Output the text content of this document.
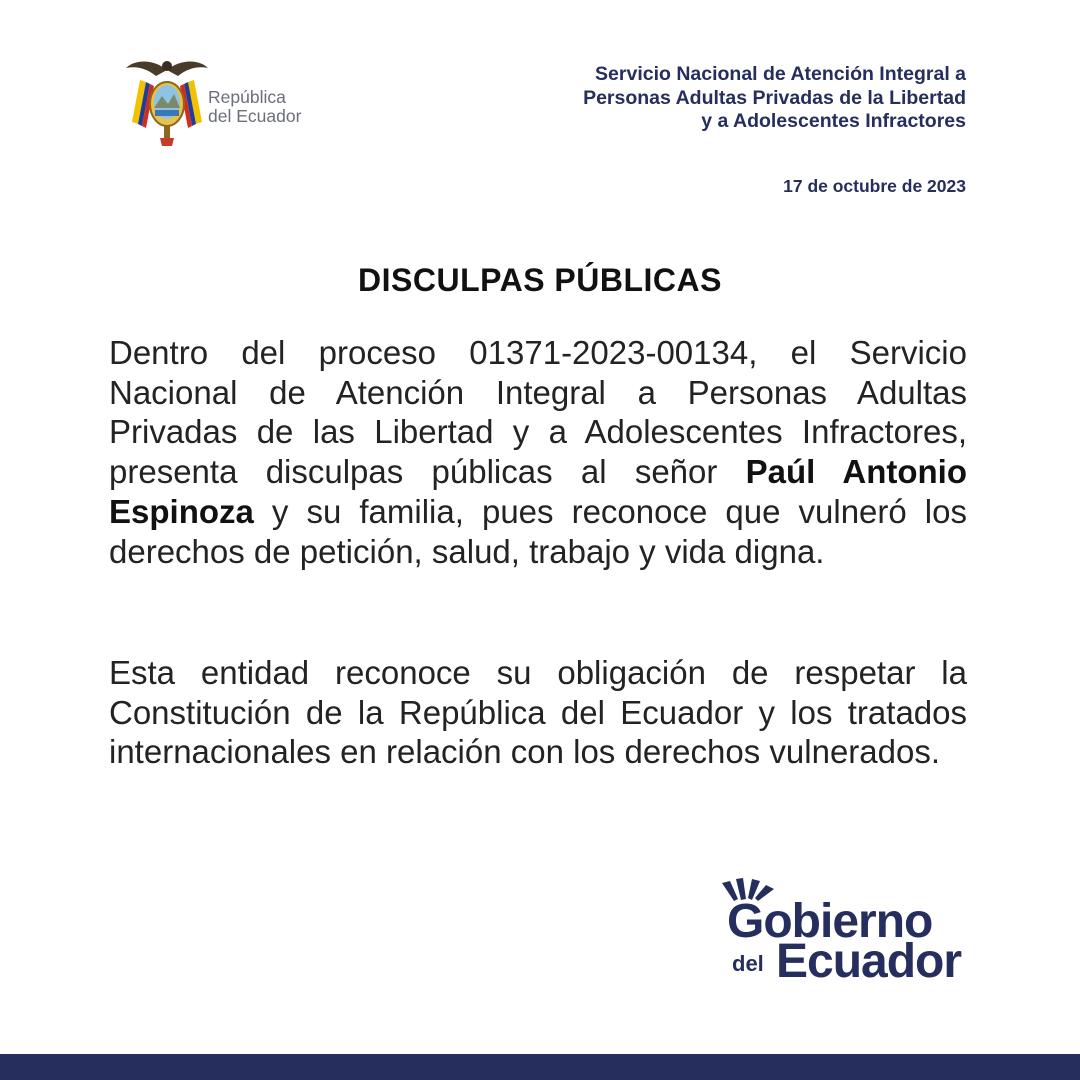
República
del Ecuador
Servicio Nacional de Atención Integral a
Personas Adultas Privadas de la Libertad
y a Adolescentes Infractores
17 de octubre de 2023
DISCULPAS PÚBLICAS
Dentro del proceso 01371-2023-00134, el Servicio Nacional de Atención Integral a Personas Adultas Privadas de las Libertad y a Adolescentes Infractores, presenta disculpas públicas al señor Paúl Antonio Espinoza y su familia, pues reconoce que vulneró los derechos de petición, salud, trabajo y vida digna.
Esta entidad reconoce su obligación de respetar la Constitución de la República del Ecuador y los tratados internacionales en relación con los derechos vulnerados.
Gobierno
del Ecuador
